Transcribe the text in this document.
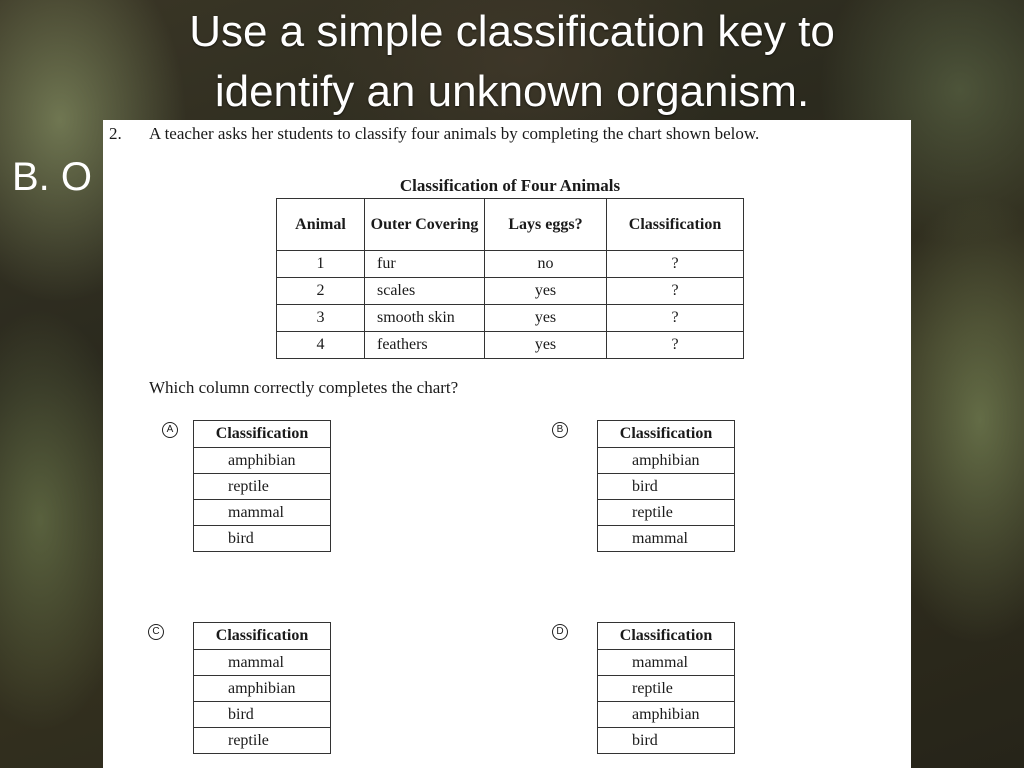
Use a simple classification key to
identify an unknown organism.
B. O
2. A teacher asks her students to classify four animals by completing the chart shown below.
Classification of Four Animals
Animal	Outer Covering	Lays eggs?	Classification
1	fur	no	?
2	scales	yes	?
3	smooth skin	yes	?
4	feathers	yes	?
Which column correctly completes the chart?
A	Classification
amphibian
reptile
mammal
bird
B	Classification
amphibian
bird
reptile
mammal
C	Classification
mammal
amphibian
bird
reptile
D	Classification
mammal
reptile
amphibian
bird
